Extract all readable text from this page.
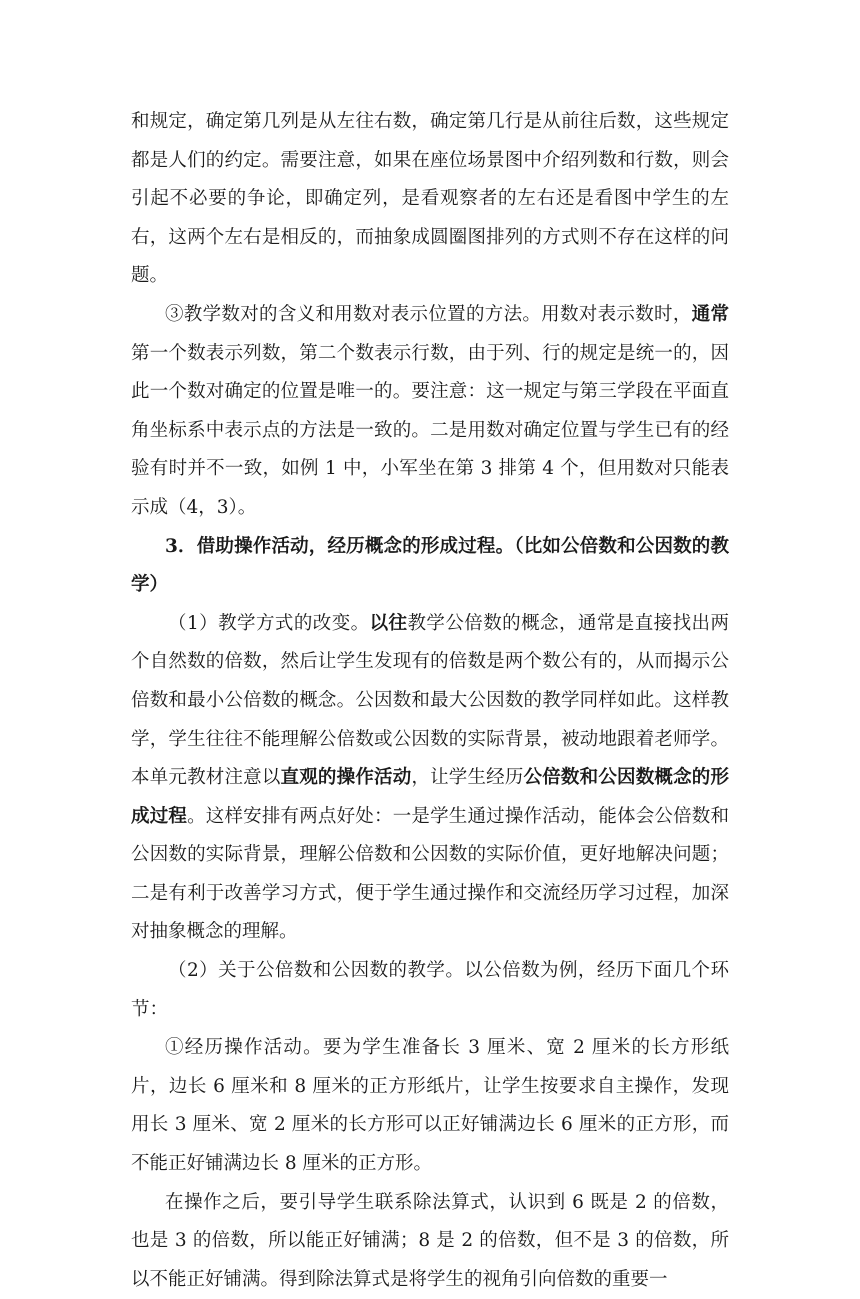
和规定，确定第几列是从左往右数，确定第几行是从前往后数，这些规定都是人们的约定。需要注意，如果在座位场景图中介绍列数和行数，则会引起不必要的争论，即确定列，是看观察者的左右还是看图中学生的左右，这两个左右是相反的，而抽象成圆圈图排列的方式则不存在这样的问题。

③教学数对的含义和用数对表示位置的方法。用数对表示数时，通常第一个数表示列数，第二个数表示行数，由于列、行的规定是统一的，因此一个数对确定的位置是唯一的。要注意：这一规定与第三学段在平面直角坐标系中表示点的方法是一致的。二是用数对确定位置与学生已有的经验有时并不一致，如例 1 中，小军坐在第 3 排第 4 个，但用数对只能表示成（4，3）。

3．借助操作活动，经历概念的形成过程。（比如公倍数和公因数的教学）

（1）教学方式的改变。以往教学公倍数的概念，通常是直接找出两个自然数的倍数，然后让学生发现有的倍数是两个数公有的，从而揭示公倍数和最小公倍数的概念。公因数和最大公因数的教学同样如此。这样教学，学生往往不能理解公倍数或公因数的实际背景，被动地跟着老师学。本单元教材注意以直观的操作活动，让学生经历公倍数和公因数概念的形成过程。这样安排有两点好处：一是学生通过操作活动，能体会公倍数和公因数的实际背景，理解公倍数和公因数的实际价值，更好地解决问题；二是有利于改善学习方式，便于学生通过操作和交流经历学习过程，加深对抽象概念的理解。

（2）关于公倍数和公因数的教学。以公倍数为例，经历下面几个环节：

①经历操作活动。要为学生准备长 3 厘米、宽 2 厘米的长方形纸片，边长 6 厘米和 8 厘米的正方形纸片，让学生按要求自主操作，发现用长 3 厘米、宽 2 厘米的长方形可以正好铺满边长 6 厘米的正方形，而不能正好铺满边长 8 厘米的正方形。

在操作之后，要引导学生联系除法算式，认识到 6 既是 2 的倍数，也是 3 的倍数，所以能正好铺满；8 是 2 的倍数，但不是 3 的倍数，所以不能正好铺满。得到除法算式是将学生的视角引向倍数的重要一
